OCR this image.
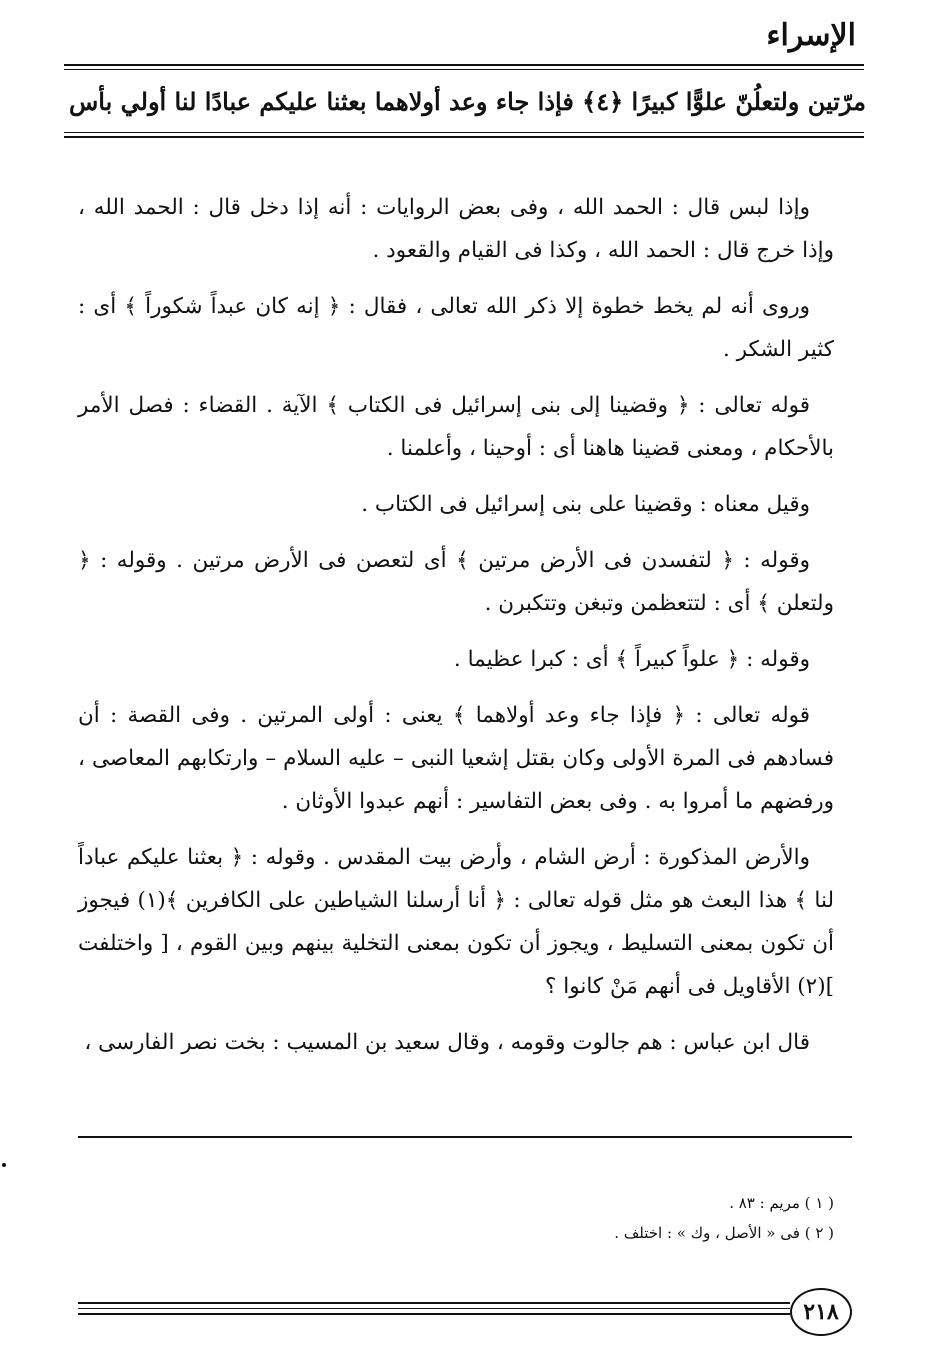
الإسراء
مرّتين ولتعلُنّ علوًّا كبيرًا ﴿٤﴾ فإذا جاء وعد أولاهما بعثنا عليكم عبادًا لنا أولي بأس

وإذا لبس قال : الحمد الله ، وفى بعض الروايات : أنه إذا دخل قال : الحمد الله ، وإذا خرج قال : الحمد الله ، وكذا فى القيام والقعود .

وروى أنه لم يخط خطوة إلا ذكر الله تعالى ، فقال : ﴿ إنه كان عبداً شكوراً ﴾ أى : كثير الشكر .

قوله تعالى : ﴿ وقضينا إلى بنى إسرائيل فى الكتاب ﴾ الآية . القضاء : فصل الأمر بالأحكام ، ومعنى قضينا هاهنا أى : أوحينا ، وأعلمنا .

وقيل معناه : وقضينا على بنى إسرائيل فى الكتاب .

وقوله : ﴿ لتفسدن فى الأرض مرتين ﴾ أى لتعصن فى الأرض مرتين . وقوله : ﴿ ولتعلن ﴾ أى : لتتعظمن وتبغن وتتكبرن .

وقوله : ﴿ علواً كبيراً ﴾ أى : كبرا عظيما .

قوله تعالى : ﴿ فإذا جاء وعد أولاهما ﴾ يعنى : أولى المرتين . وفى القصة : أن فسادهم فى المرة الأولى وكان بقتل إشعيا النبى – عليه السلام – وارتكابهم المعاصى ، ورفضهم ما أمروا به . وفى بعض التفاسير : أنهم عبدوا الأوثان .

والأرض المذكورة : أرض الشام ، وأرض بيت المقدس . وقوله : ﴿ بعثنا عليكم عباداً لنا ﴾ هذا البعث هو مثل قوله تعالى : ﴿ أنا أرسلنا الشياطين على الكافرين ﴾(١) فيجوز أن تكون بمعنى التسليط ، ويجوز أن تكون بمعنى التخلية بينهم وبين القوم ، [ واختلفت ](٢) الأقاويل فى أنهم مَنْ كانوا ؟

قال ابن عباس : هم جالوت وقومه ، وقال سعيد بن المسيب : بخت نصر الفارسى ،

( ١ ) مريم : ٨٣ .
( ٢ ) فى « الأصل ، وك » : اختلف .
٢١٨
